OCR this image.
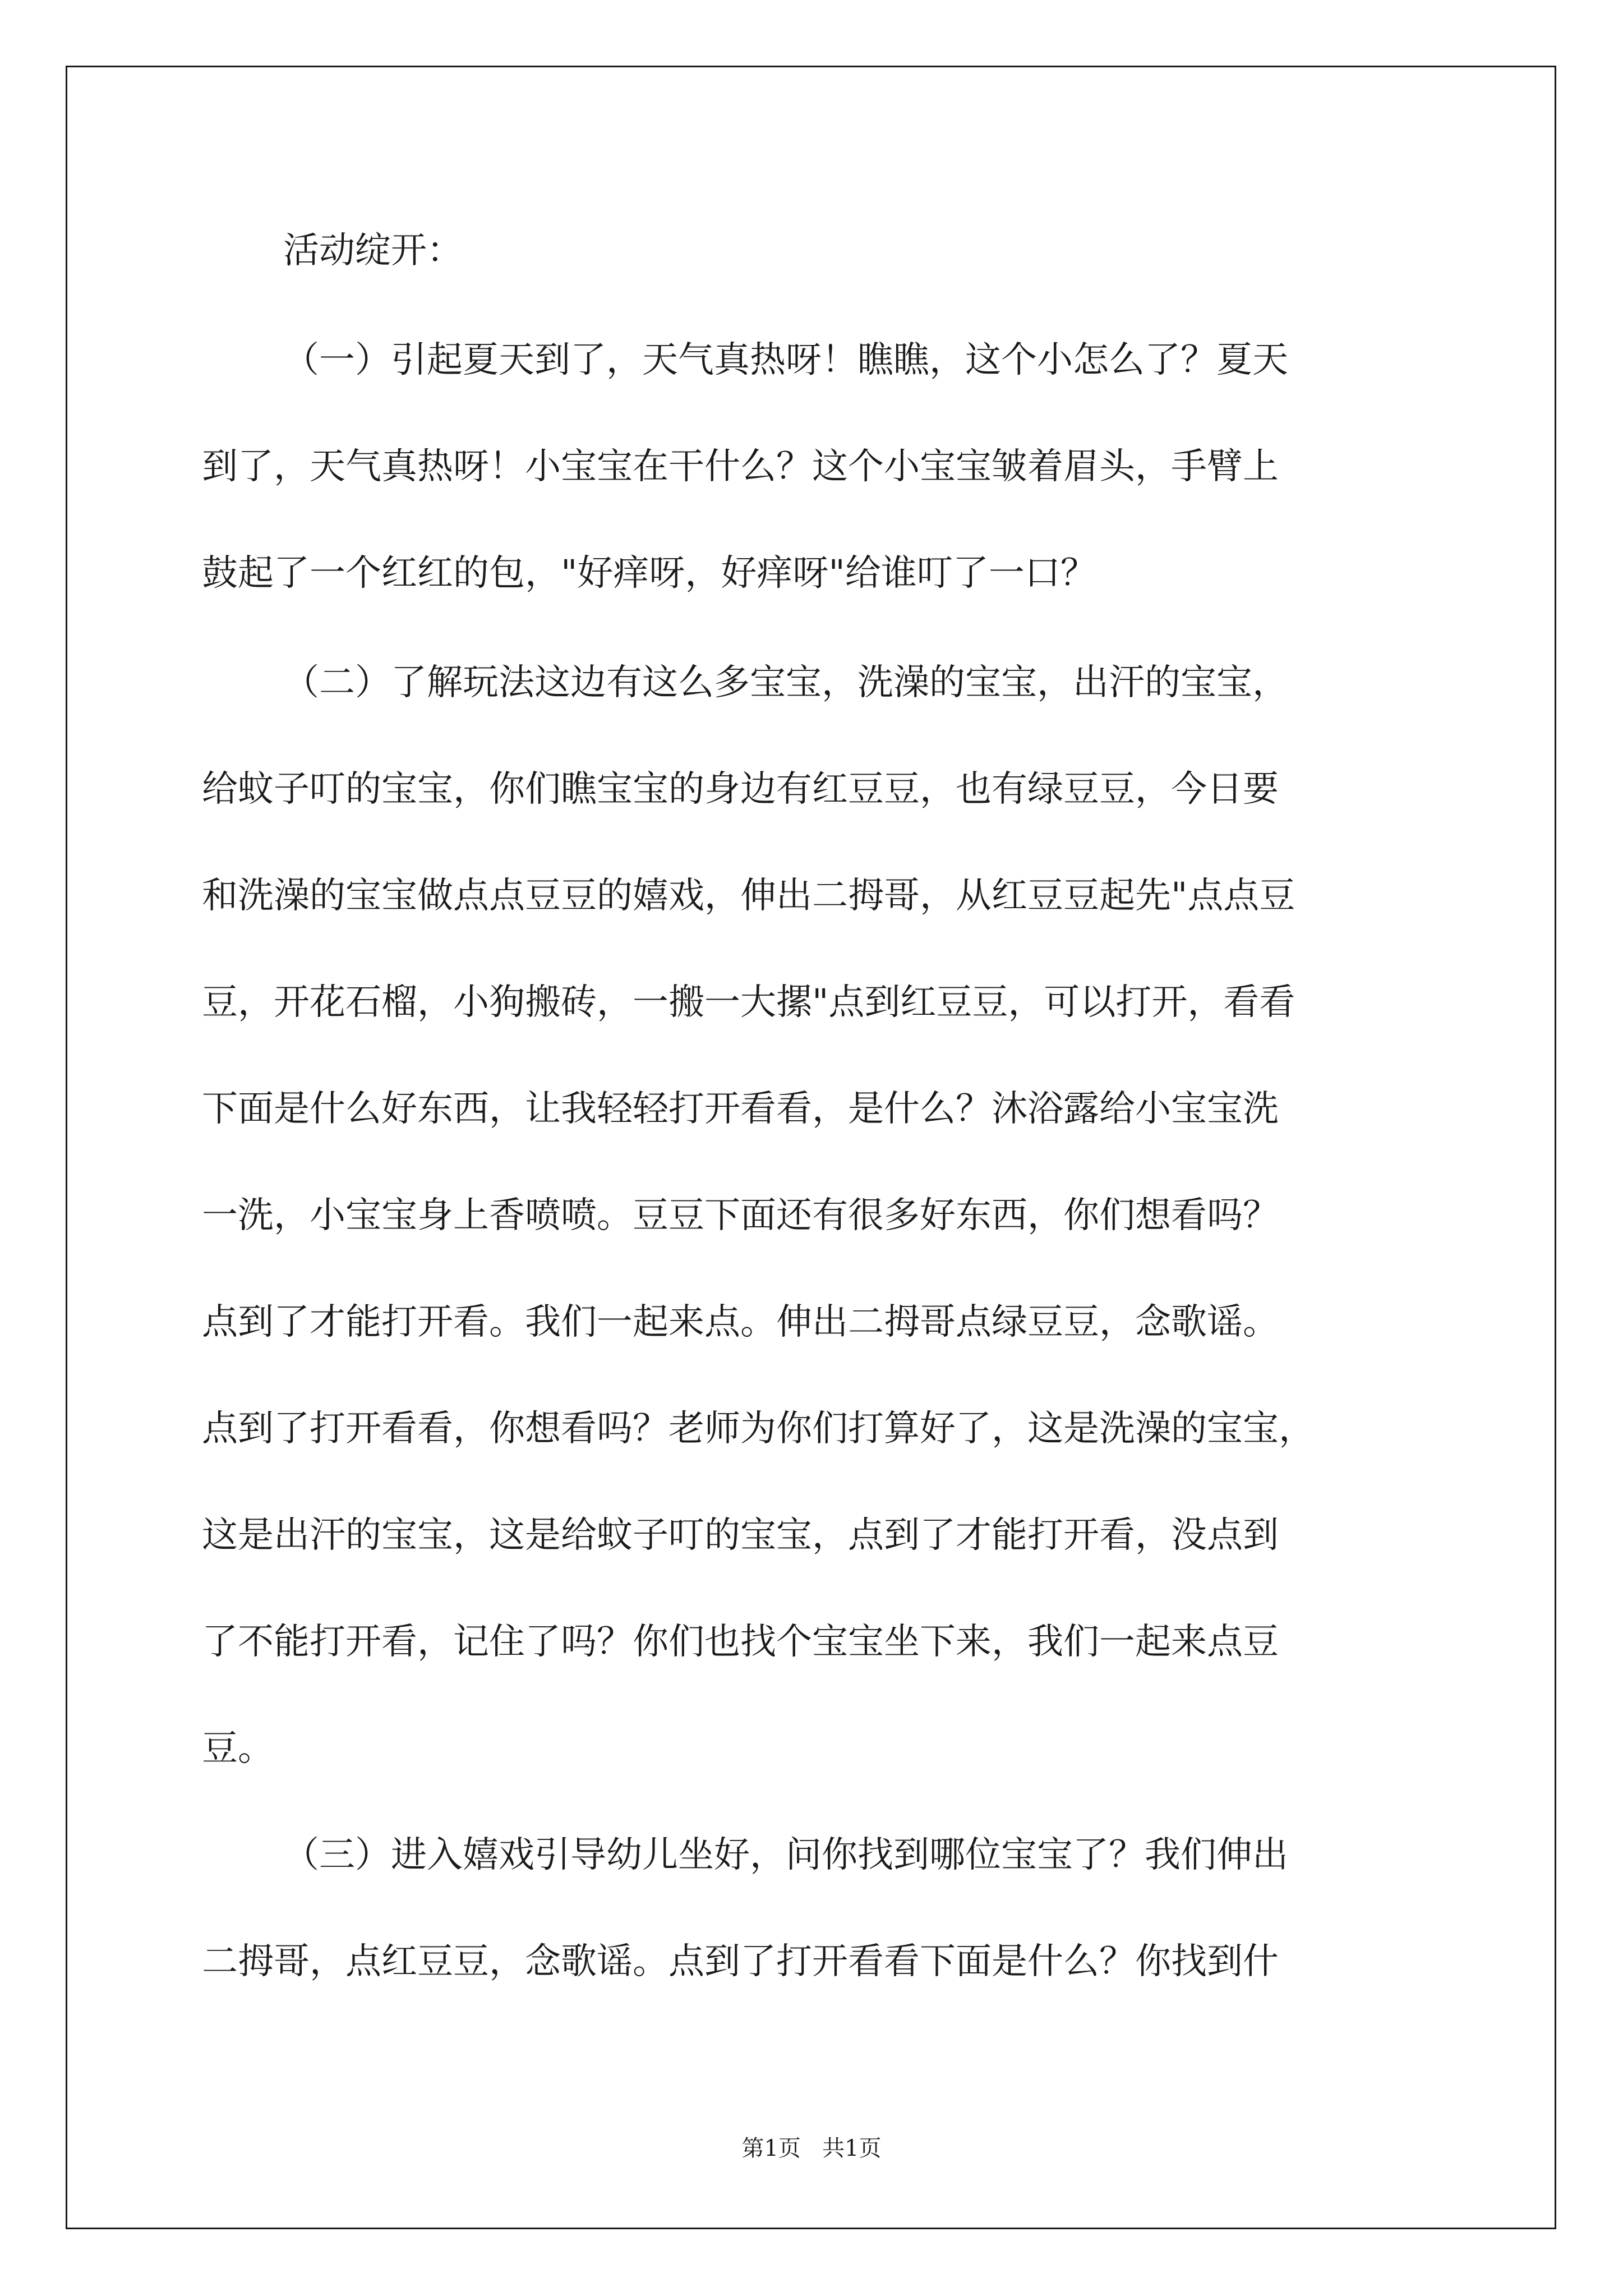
活动绽开：

（一）引起夏天到了，天气真热呀！瞧瞧，这个小怎么了？夏天

到了，天气真热呀！小宝宝在干什么？这个小宝宝皱着眉头，手臂上

鼓起了一个红红的包，"好痒呀，好痒呀"给谁叮了一口？

（二）了解玩法这边有这么多宝宝，洗澡的宝宝，出汗的宝宝，

给蚊子叮的宝宝，你们瞧宝宝的身边有红豆豆，也有绿豆豆，今日要

和洗澡的宝宝做点点豆豆的嬉戏，伸出二拇哥，从红豆豆起先"点点豆

豆，开花石榴，小狗搬砖，一搬一大摞"点到红豆豆，可以打开，看看

下面是什么好东西，让我轻轻打开看看，是什么？沐浴露给小宝宝洗

一洗，小宝宝身上香喷喷。豆豆下面还有很多好东西，你们想看吗？

点到了才能打开看。我们一起来点。伸出二拇哥点绿豆豆，念歌谣。

点到了打开看看，你想看吗？老师为你们打算好了，这是洗澡的宝宝，

这是出汗的宝宝，这是给蚊子叮的宝宝，点到了才能打开看，没点到

了不能打开看，记住了吗？你们也找个宝宝坐下来，我们一起来点豆

豆。

（三）进入嬉戏引导幼儿坐好，问你找到哪位宝宝了？我们伸出

二拇哥，点红豆豆，念歌谣。点到了打开看看下面是什么？你找到什

第1页   共1页
